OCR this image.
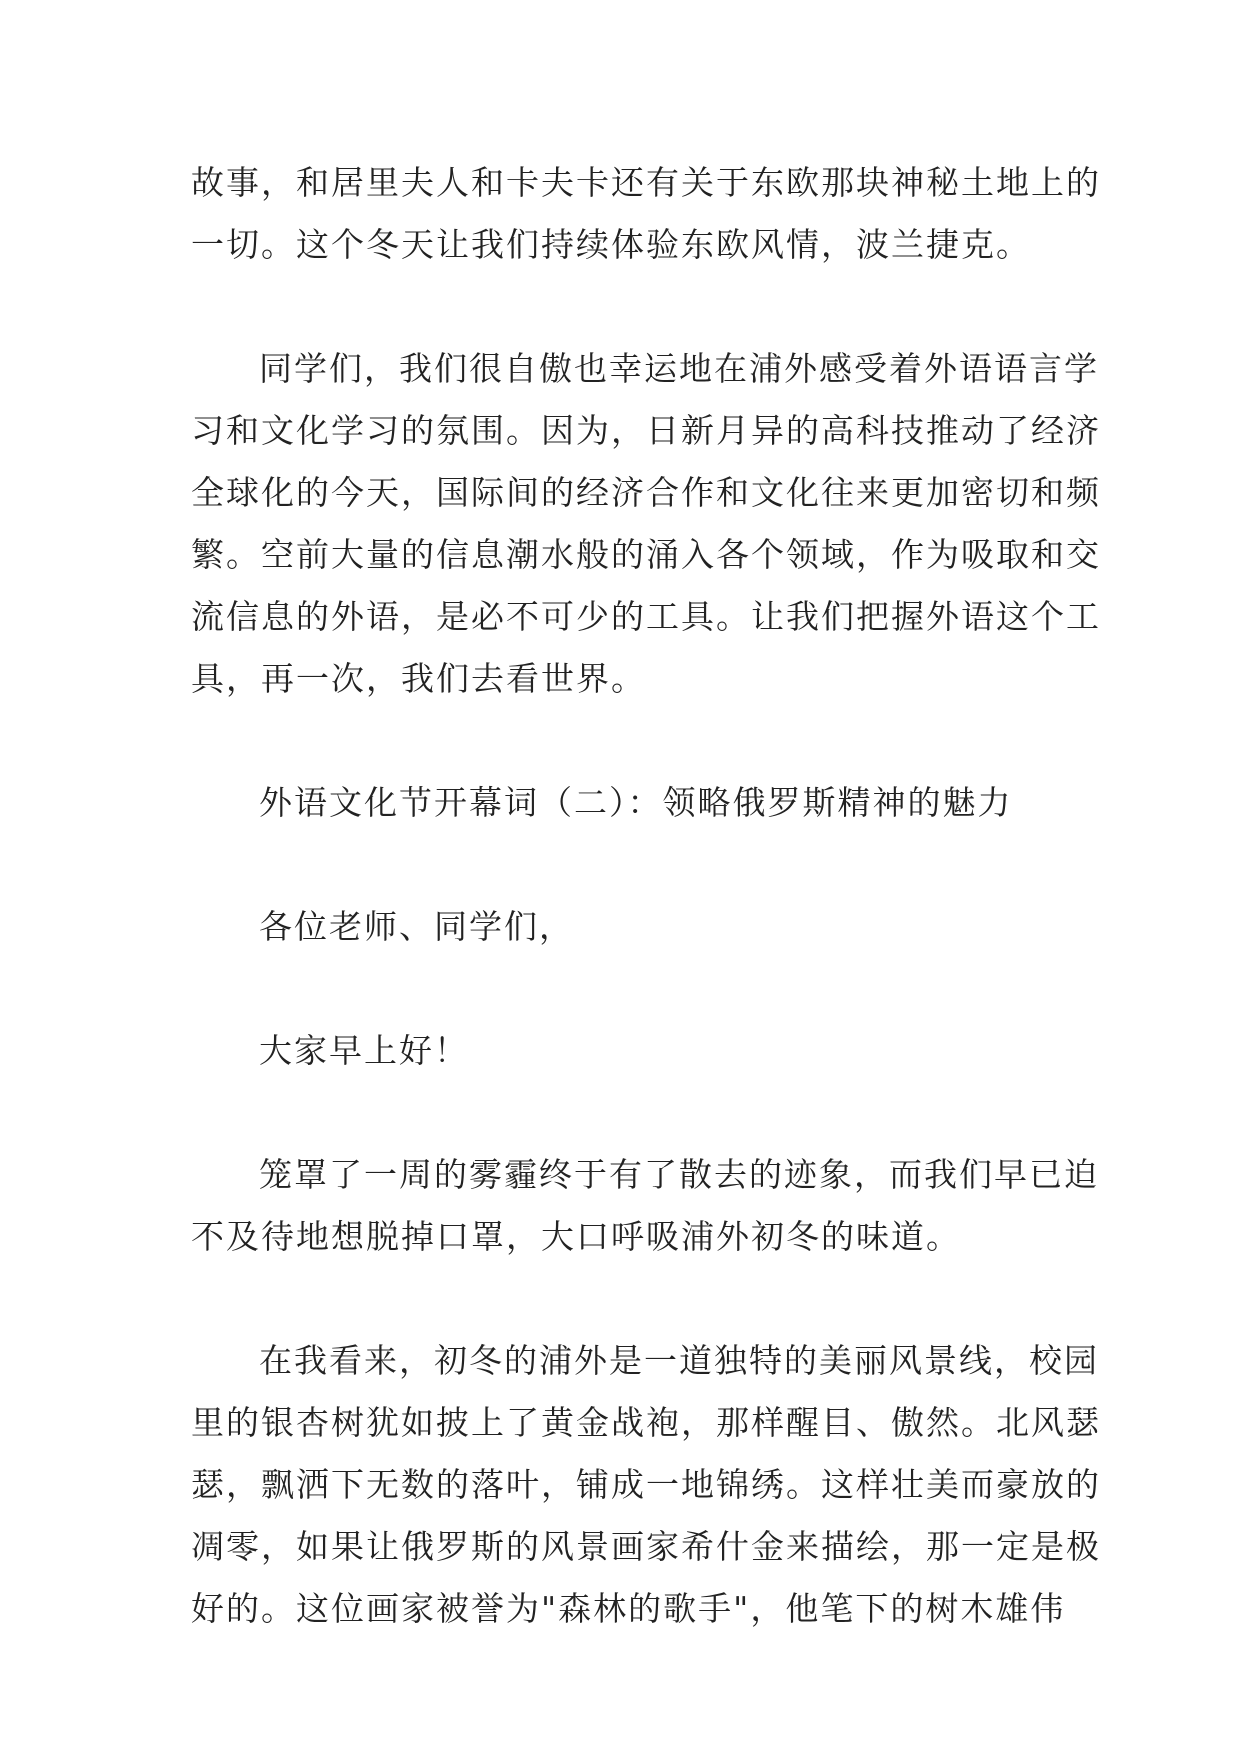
故事，和居里夫人和卡夫卡还有关于东欧那块神秘土地上的
一切。这个冬天让我们持续体验东欧风情，波兰捷克。
同学们，我们很自傲也幸运地在浦外感受着外语语言学
习和文化学习的氛围。因为，日新月异的高科技推动了经济
全球化的今天，国际间的经济合作和文化往来更加密切和频
繁。空前大量的信息潮水般的涌入各个领域，作为吸取和交
流信息的外语，是必不可少的工具。让我们把握外语这个工
具，再一次，我们去看世界。
外语文化节开幕词（二）：领略俄罗斯精神的魅力
各位老师、同学们，
大家早上好！
笼罩了一周的雾霾终于有了散去的迹象，而我们早已迫
不及待地想脱掉口罩，大口呼吸浦外初冬的味道。
在我看来，初冬的浦外是一道独特的美丽风景线，校园
里的银杏树犹如披上了黄金战袍，那样醒目、傲然。北风瑟
瑟，飘洒下无数的落叶，铺成一地锦绣。这样壮美而豪放的
凋零，如果让俄罗斯的风景画家希什金来描绘，那一定是极
好的。这位画家被誉为"森林的歌手"，他笔下的树木雄伟
